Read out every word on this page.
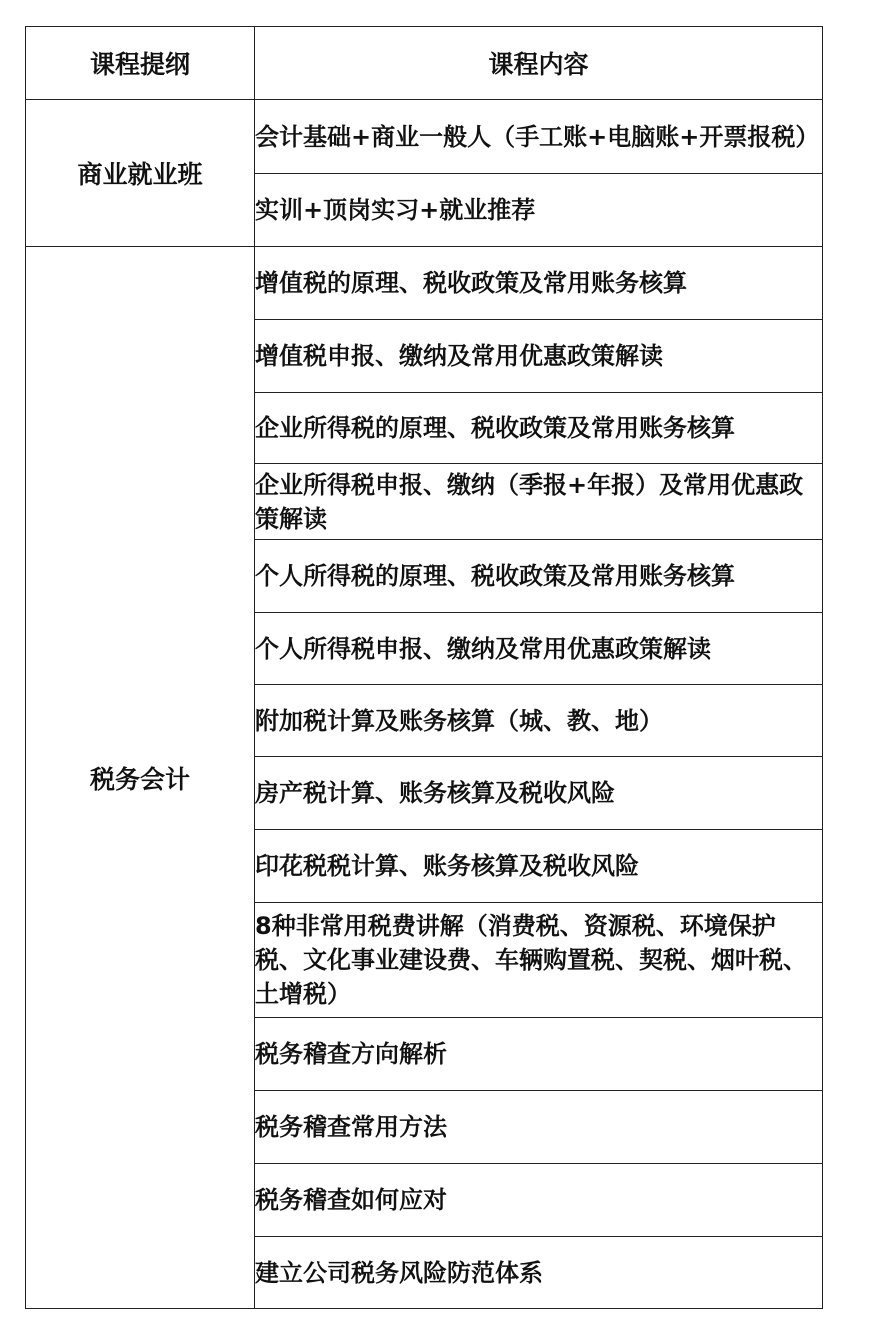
课程提纲	课程内容
商业就业班	会计基础+商业一般人（手工账+电脑账+开票报税）
	实训+顶岗实习+就业推荐
税务会计	增值税的原理、税收政策及常用账务核算
	增值税申报、缴纳及常用优惠政策解读
	企业所得税的原理、税收政策及常用账务核算
	企业所得税申报、缴纳（季报+年报）及常用优惠政策解读
	个人所得税的原理、税收政策及常用账务核算
	个人所得税申报、缴纳及常用优惠政策解读
	附加税计算及账务核算（城、教、地）
	房产税计算、账务核算及税收风险
	印花税税计算、账务核算及税收风险
	8种非常用税费讲解（消费税、资源税、环境保护税、文化事业建设费、车辆购置税、契税、烟叶税、土增税）
	税务稽查方向解析
	税务稽查常用方法
	税务稽查如何应对
	建立公司税务风险防范体系
